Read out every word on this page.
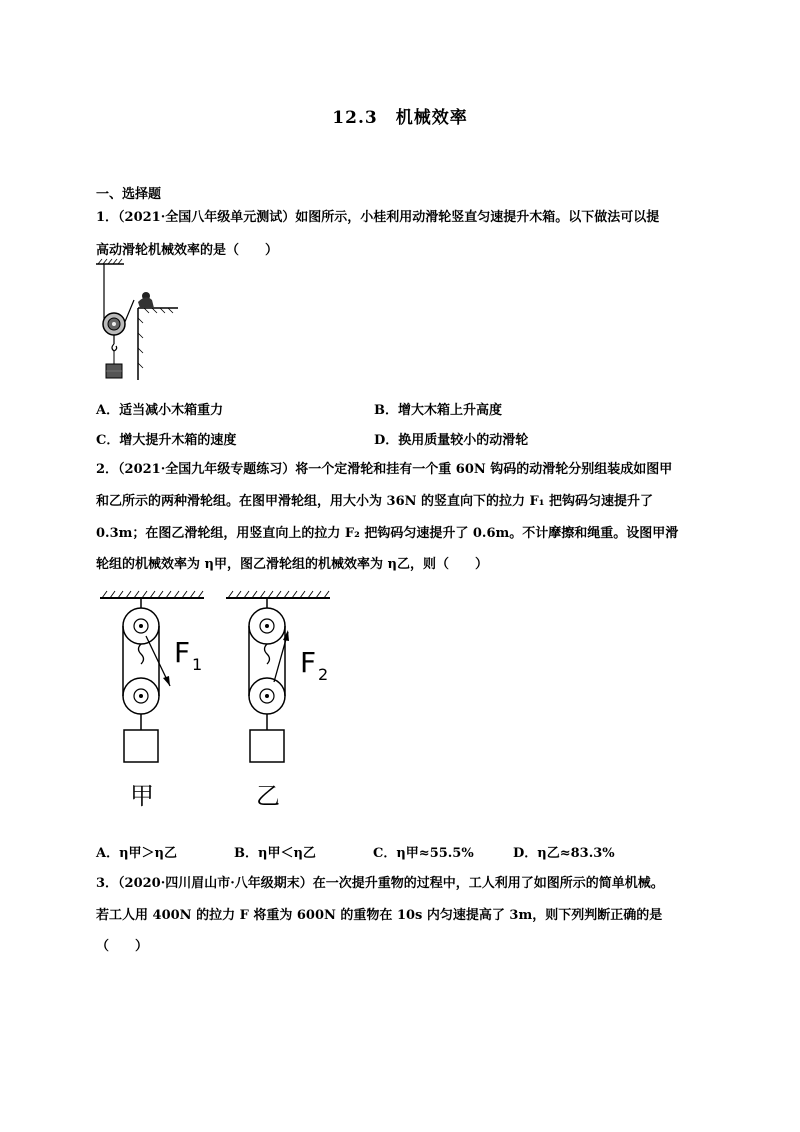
12.3　机械效率
一、选择题
1．（2021·全国八年级单元测试）如图所示，小桂利用动滑轮竖直匀速提升木箱。以下做法可以提
高动滑轮机械效率的是（　　）
A．适当减小木箱重力	B．增大木箱上升高度
C．增大提升木箱的速度	D．换用质量较小的动滑轮
2．（2021·全国九年级专题练习）将一个定滑轮和挂有一个重 60N 钩码的动滑轮分别组装成如图甲
和乙所示的两种滑轮组。在图甲滑轮组，用大小为 36N 的竖直向下的拉力 F₁ 把钩码匀速提升了
0.3m；在图乙滑轮组，用竖直向上的拉力 F₂ 把钩码匀速提升了 0.6m。不计摩擦和绳重。设图甲滑
轮组的机械效率为 η甲，图乙滑轮组的机械效率为 η乙，则（　　）
F 1
甲
F 2
乙
A．η甲＞η乙	B．η甲＜η乙	C．η甲≈55.5%	D．η乙≈83.3%
3．（2020·四川眉山市·八年级期末）在一次提升重物的过程中，工人利用了如图所示的简单机械。
若工人用 400N 的拉力 F 将重为 600N 的重物在 10s 内匀速提高了 3m，则下列判断正确的是
（　　）
